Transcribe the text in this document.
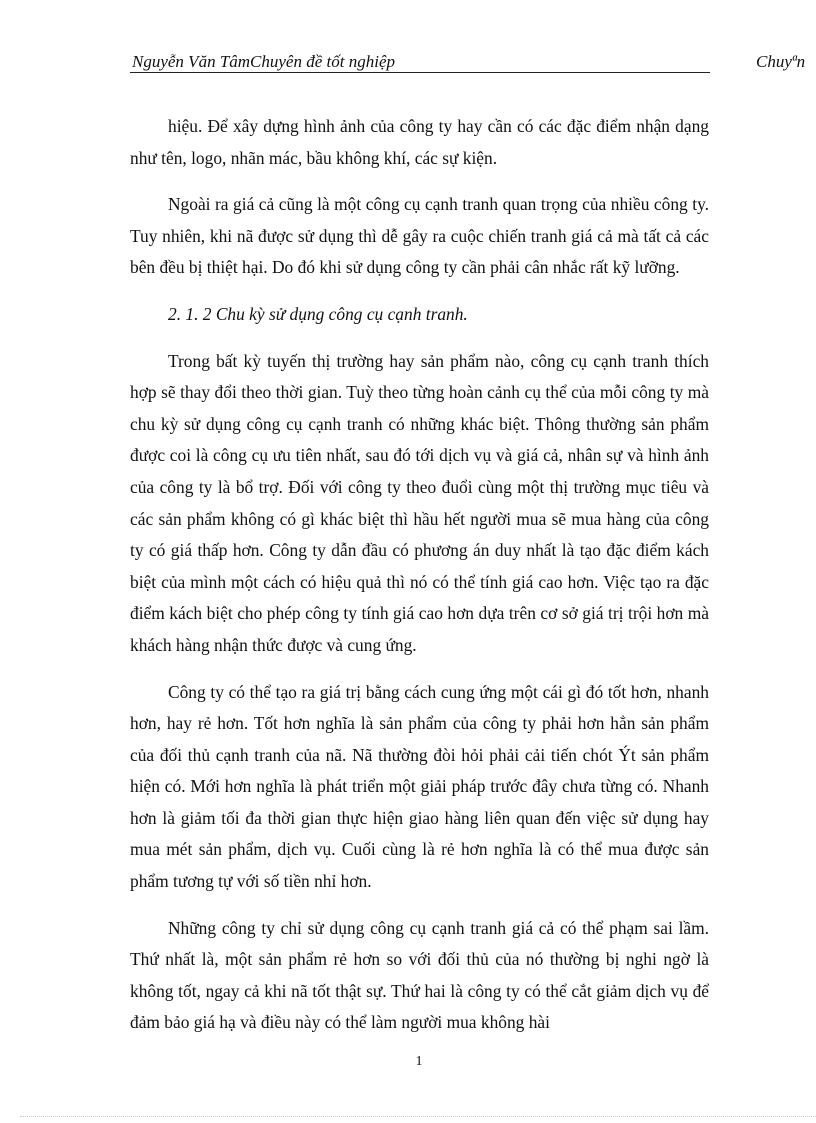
Nguyễn Văn TâmChuyên đề tốt nghiệp	Chuyªn

hiệu. Để xây dựng hình ảnh của công ty hay cần có các đặc điểm nhận dạng như tên, logo, nhãn mác, bầu không khí, các sự kiện.

Ngoài ra giá cả cũng là một công cụ cạnh tranh quan trọng của nhiều công ty. Tuy nhiên, khi nã được sử dụng thì dễ gây ra cuộc chiến tranh giá cả mà tất cả các bên đều bị thiệt hại. Do đó khi sử dụng công ty cần phải cân nhắc rất kỹ lưỡng.

2. 1. 2 Chu kỳ sử dụng công cụ cạnh tranh.

Trong bất kỳ tuyến thị trường hay sản phẩm nào, công cụ cạnh tranh thích hợp sẽ thay đổi theo thời gian. Tuỳ theo từng hoàn cảnh cụ thể của mỗi công ty mà chu kỳ sử dụng công cụ cạnh tranh có những khác biệt. Thông thường sản phẩm được coi là công cụ ưu tiên nhất, sau đó tới dịch vụ và giá cả, nhân sự và hình ảnh của công ty là bổ trợ. Đối với công ty theo đuổi cùng một thị trường mục tiêu và các sản phẩm không có gì khác biệt thì hầu hết người mua sẽ mua hàng của công ty có giá thấp hơn. Công ty dẫn đầu có phương án duy nhất là tạo đặc điểm kách biệt của mình một cách có hiệu quả thì nó có thể tính giá cao hơn. Việc tạo ra đặc điểm kách biệt cho phép công ty tính giá cao hơn dựa trên cơ sở giá trị trội hơn mà khách hàng nhận thức được và cung ứng.

Công ty có thể tạo ra giá trị bằng cách cung ứng một cái gì đó tốt hơn, nhanh hơn, hay rẻ hơn. Tốt hơn nghĩa là sản phẩm của công ty phải hơn hẳn sản phẩm của đối thủ cạnh tranh của nã. Nã thường đòi hỏi phải cải tiến chót Ýt sản phẩm hiện có. Mới hơn nghĩa là phát triển một giải pháp trước đây chưa từng có. Nhanh hơn là giảm tối đa thời gian thực hiện giao hàng liên quan đến việc sử dụng hay mua mét sản phẩm, dịch vụ. Cuối cùng là rẻ hơn nghĩa là có thể mua được sản phẩm tương tự với số tiền nhỉ hơn.

Những công ty chỉ sử dụng công cụ cạnh tranh giá cả có thể phạm sai lầm. Thứ nhất là, một sản phẩm rẻ hơn so với đối thủ của nó thường bị nghi ngờ là không tốt, ngay cả khi nã tốt thật sự. Thứ hai là công ty có thể cắt giảm dịch vụ để đảm bảo giá hạ và điều này có thể làm người mua không hài

1
